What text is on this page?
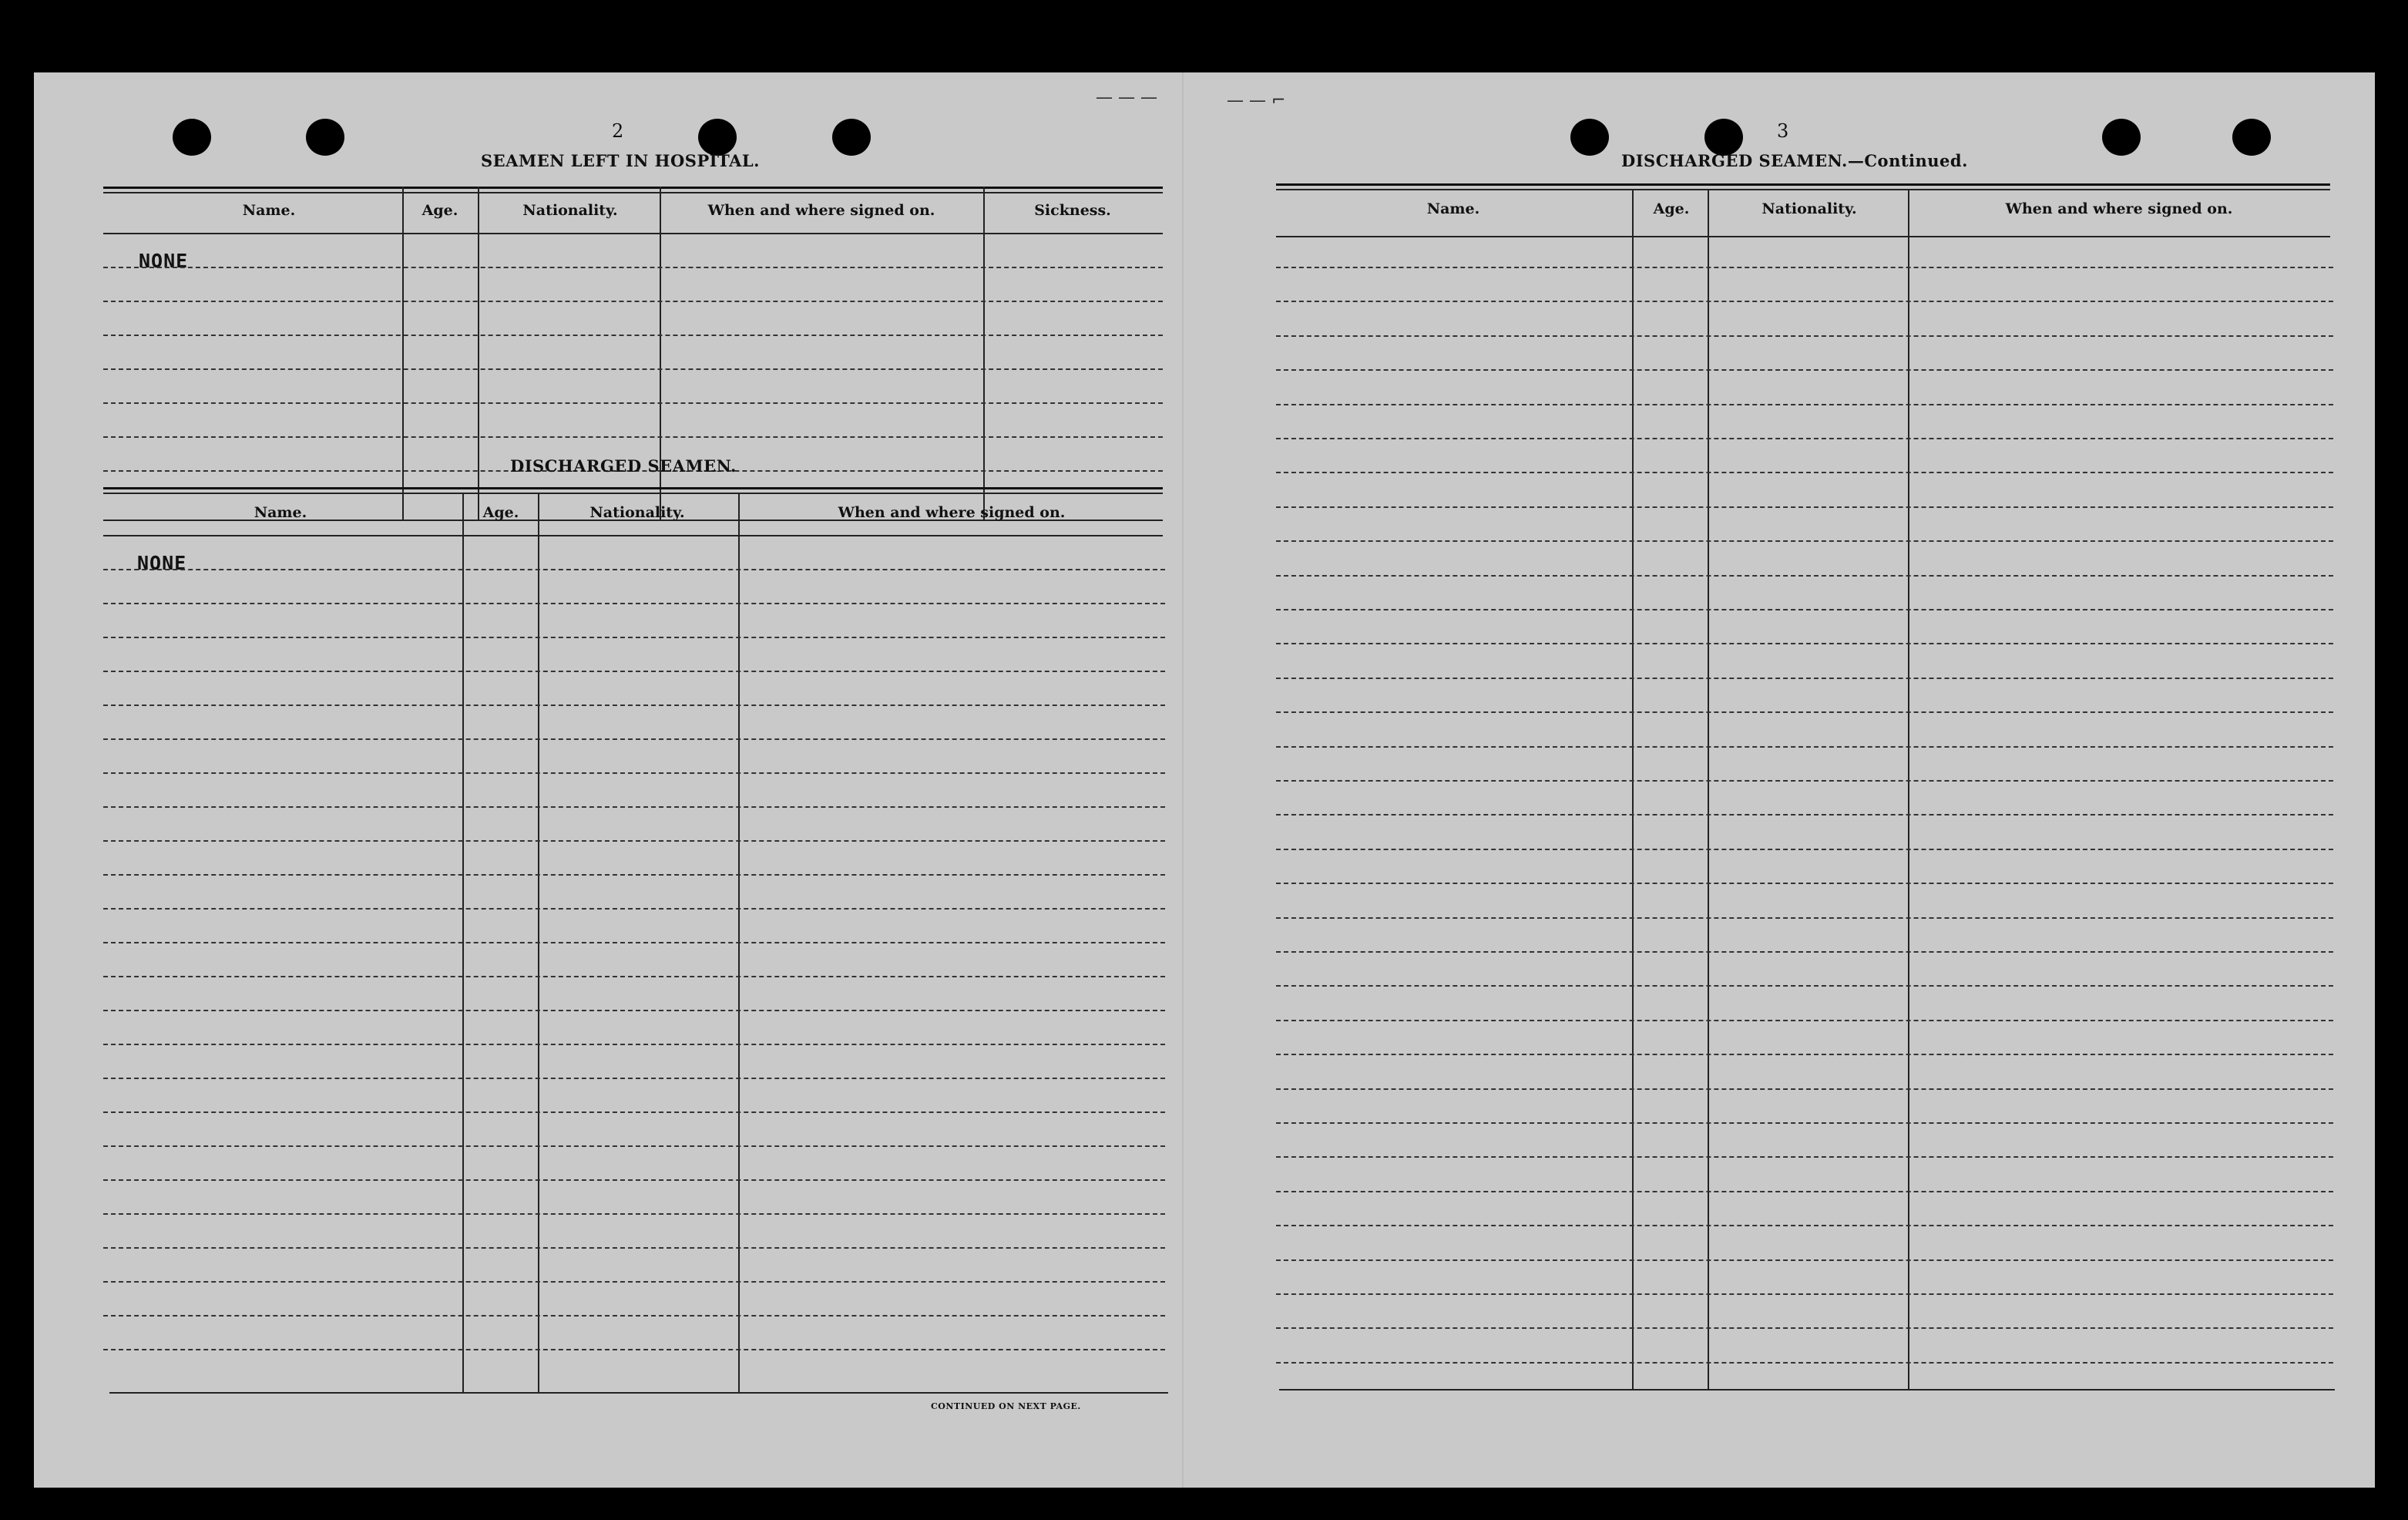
— — —	— — ⌐
2
SEAMEN LEFT IN HOSPITAL.
Name.	Age.	Nationality.	When and where signed on.	Sickness.
NONE
DISCHARGED SEAMEN.
Name.	Age.	Nationality.	When and where signed on.
NONE
CONTINUED ON NEXT PAGE.
3
DISCHARGED SEAMEN.—Continued.
Name.	Age.	Nationality.	When and where signed on.
